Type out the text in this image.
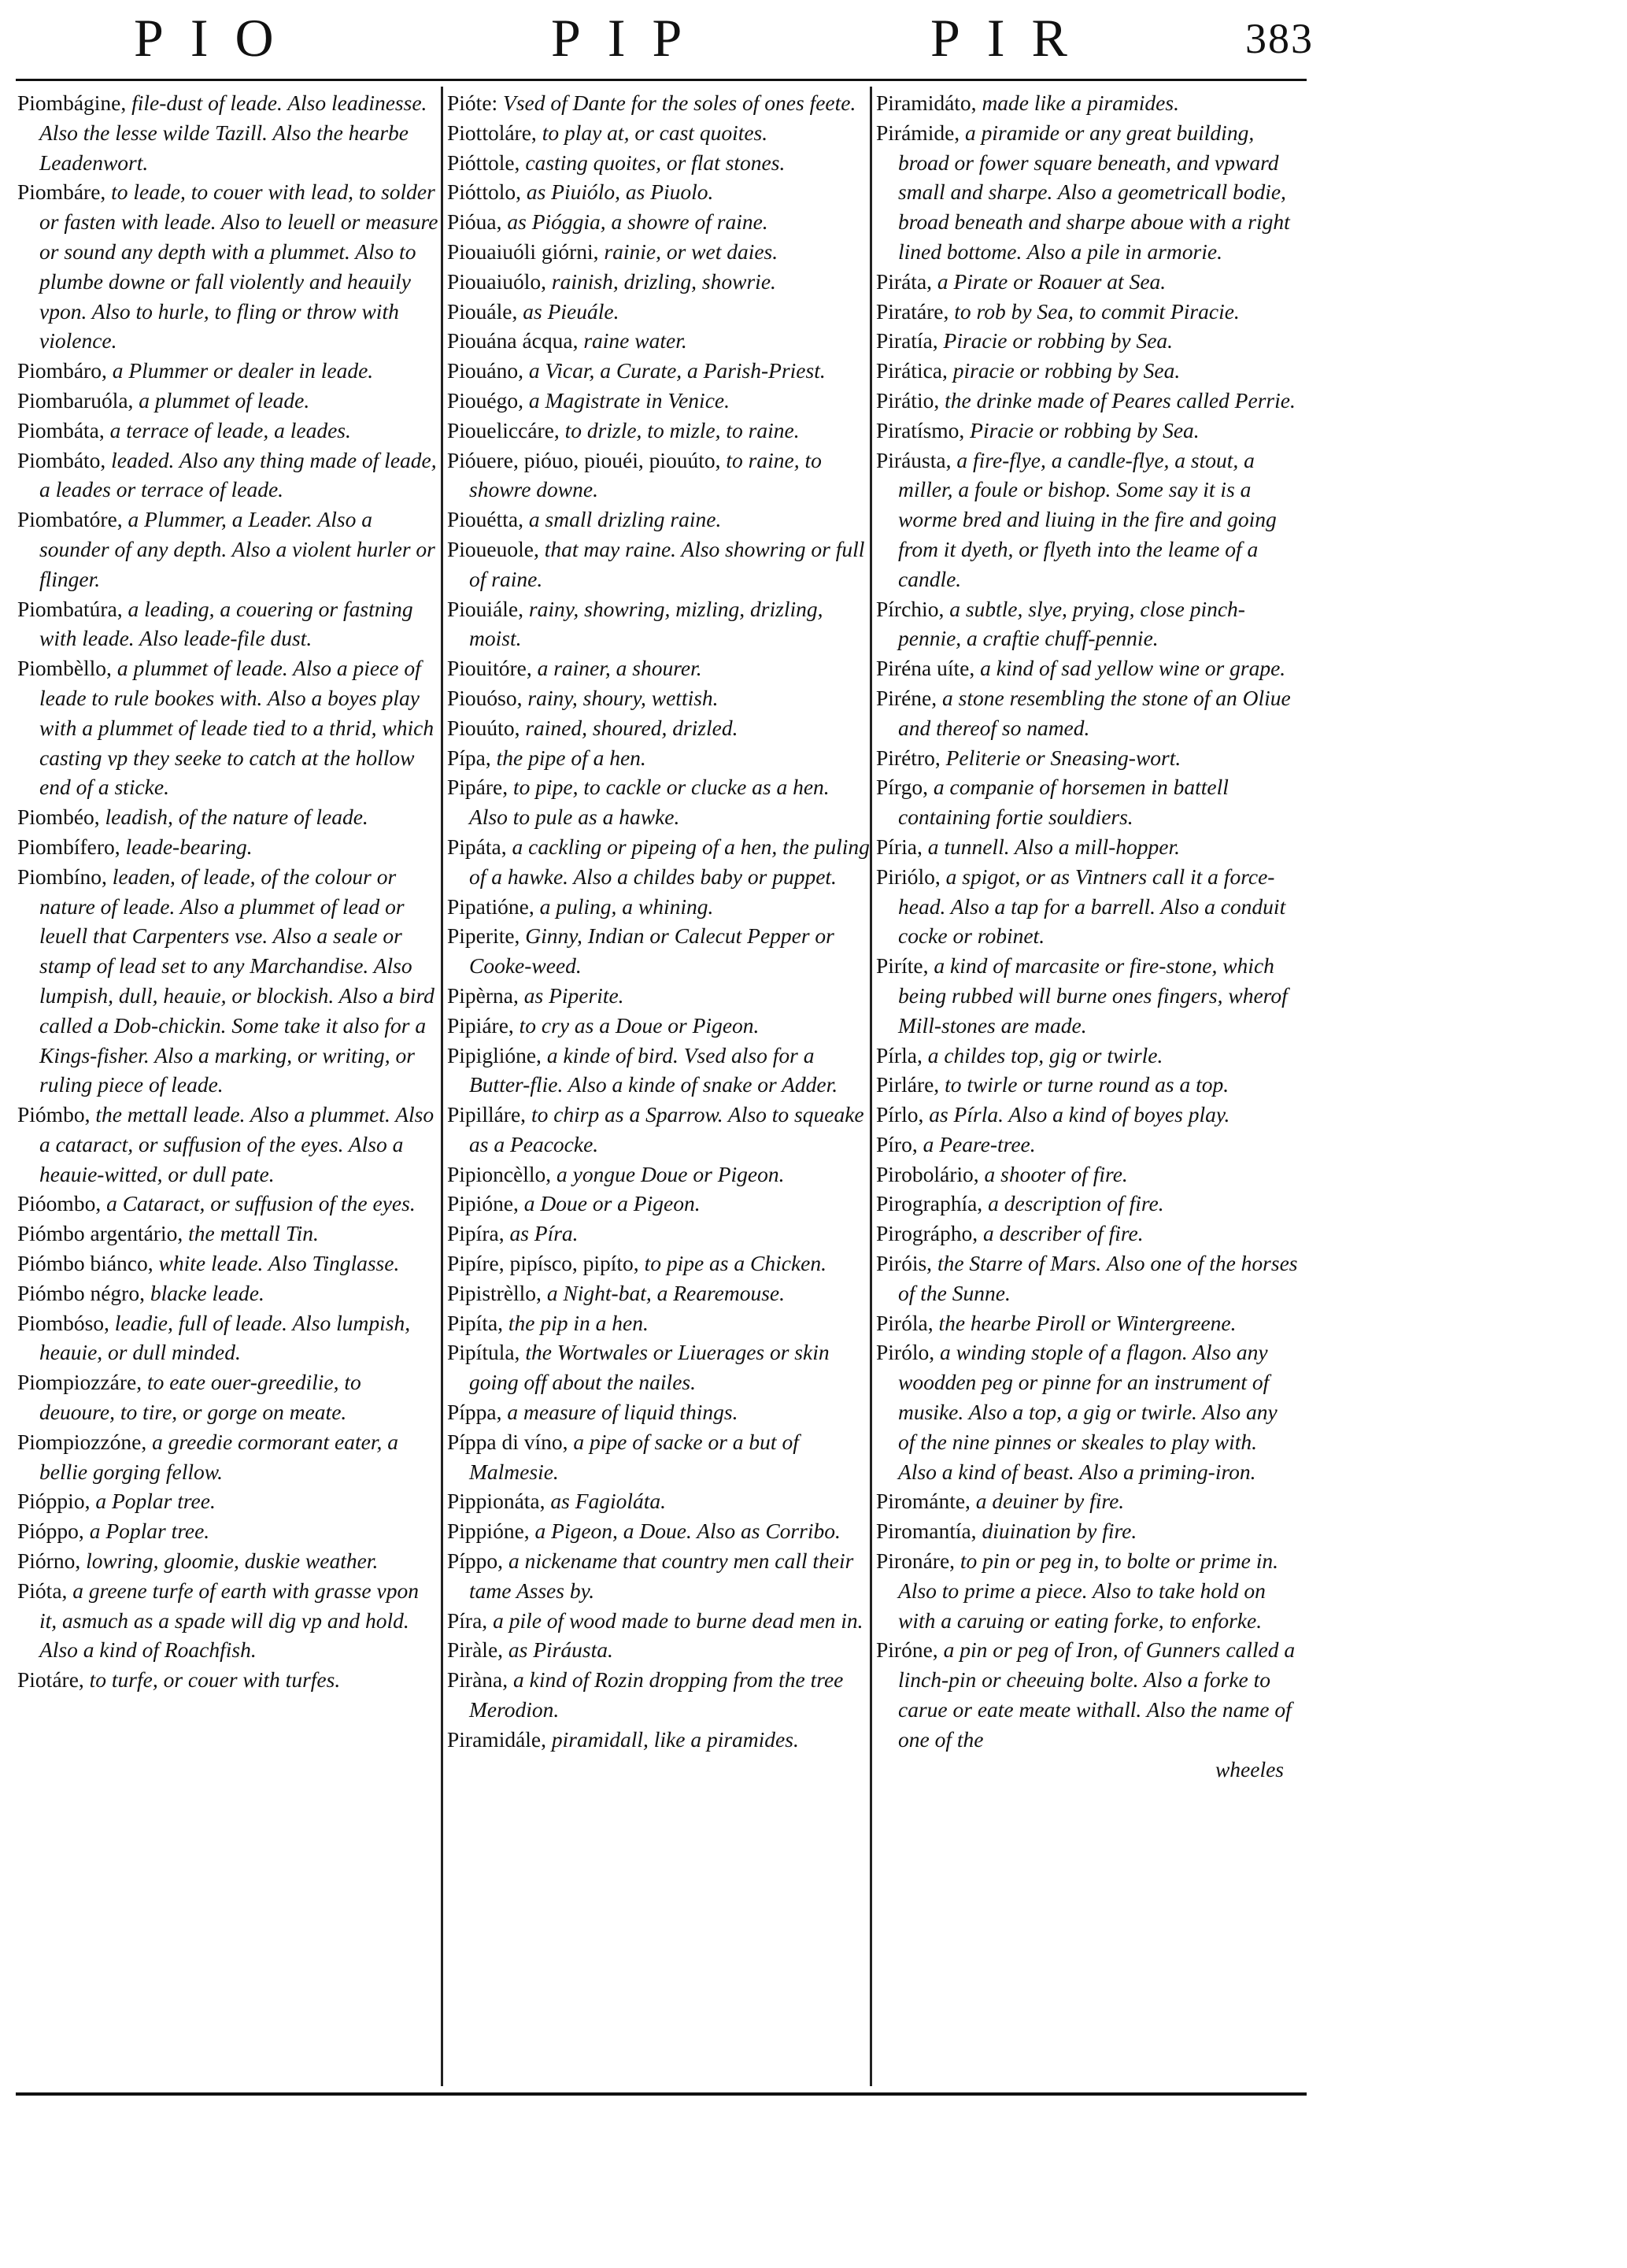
PIO	PIP	PIR	383

Piombágine, file-dust of leade. Also leadinesse. Also the lesse wilde Tazill. Also the hearbe Leadenwort.

Piombáre, to leade, to couer with lead, to solder or fasten with leade. Also to leuell or measure or sound any depth with a plummet. Also to plumbe downe or fall violently and heauily vpon. Also to hurle, to fling or throw with violence.

Piombáro, a Plummer or dealer in leade.

Piombaruóla, a plummet of leade.

Piombáta, a terrace of leade, a leades.

Piombáto, leaded. Also any thing made of leade, a leades or terrace of leade.

Piombatóre, a Plummer, a Leader. Also a sounder of any depth. Also a violent hurler or flinger.

Piombatúra, a leading, a couering or fastning with leade. Also leade-file dust.

Piombèllo, a plummet of leade. Also a piece of leade to rule bookes with. Also a boyes play with a plummet of leade tied to a thrid, which casting vp they seeke to catch at the hollow end of a sticke.

Piombéo, leadish, of the nature of leade.

Piombífero, leade-bearing.

Piombíno, leaden, of leade, of the colour or nature of leade. Also a plummet of lead or leuell that Carpenters vse. Also a seale or stamp of lead set to any Marchandise. Also lumpish, dull, heauie, or blockish. Also a bird called a Dob-chickin. Some take it also for a Kings-fisher. Also a marking, or writing, or ruling piece of leade.

Piómbo, the mettall leade. Also a plummet. Also a cataract, or suffusion of the eyes. Also a heauie-witted, or dull pate.

Pióombo, a Cataract, or suffusion of the eyes.

Piómbo argentário, the mettall Tin.

Piómbo biánco, white leade. Also Tinglasse.

Piómbo négro, blacke leade.

Piombóso, leadie, full of leade. Also lumpish, heauie, or dull minded.

Piompiozzáre, to eate ouer-greedilie, to deuoure, to tire, or gorge on meate.

Piompiozzóne, a greedie cormorant eater, a bellie gorging fellow.

Pióppio, a Poplar tree.

Pióppo, a Poplar tree.

Piórno, lowring, gloomie, duskie weather.

Pióta, a greene turfe of earth with grasse vpon it, asmuch as a spade will dig vp and hold. Also a kind of Roachfish.

Piotáre, to turfe, or couer with turfes.

Pióte: Vsed of Dante for the soles of ones feete.

Piottoláre, to play at, or cast quoites.

Pióttole, casting quoites, or flat stones.

Pióttolo, as Piuiólo, as Piuolo.

Pióua, as Pióggia, a showre of raine.

Piouaiuóli giórni, rainie, or wet daies.

Piouaiuólo, rainish, drizling, showrie.

Piouále, as Pieuále.

Piouána ácqua, raine water.

Piouáno, a Vicar, a Curate, a Parish-Priest.

Piouégo, a Magistrate in Venice.

Pioueliccáre, to drizle, to mizle, to raine.

Pióuere, pióuo, piouéi, piouúto, to raine, to showre downe.

Piouétta, a small drizling raine.

Pioueuole, that may raine. Also showring or full of raine.

Piouiále, rainy, showring, mizling, drizling, moist.

Piouitóre, a rainer, a shourer.

Piouóso, rainy, shoury, wettish.

Piouúto, rained, shoured, drizled.

Pípa, the pipe of a hen.

Pipáre, to pipe, to cackle or clucke as a hen. Also to pule as a hawke.

Pipáta, a cackling or pipeing of a hen, the puling of a hawke. Also a childes baby or puppet.

Pipatióne, a puling, a whining.

Piperite, Ginny, Indian or Calecut Pepper or Cooke-weed.

Pipèrna, as Piperite.

Pipiáre, to cry as a Doue or Pigeon.

Pipiglióne, a kinde of bird. Vsed also for a Butter-flie. Also a kinde of snake or Adder.

Pipilláre, to chirp as a Sparrow. Also to squeake as a Peacocke.

Pipioncèllo, a yongue Doue or Pigeon.

Pipióne, a Doue or a Pigeon.

Pipíra, as Píra.

Pipíre, pipísco, pipíto, to pipe as a Chicken.

Pipistrèllo, a Night-bat, a Rearemouse.

Pipíta, the pip in a hen.

Pipítula, the Wortwales or Liuerages or skin going off about the nailes.

Píppa, a measure of liquid things.

Píppa di víno, a pipe of sacke or a but of Malmesie.

Pippionáta, as Fagioláta.

Pippióne, a Pigeon, a Doue. Also as Corribo.

Píppo, a nickename that country men call their tame Asses by.

Píra, a pile of wood made to burne dead men in.

Piràle, as Piráusta.

Piràna, a kind of Rozin dropping from the tree Merodion.

Piramidále, piramidall, like a piramides.

Piramidáto, made like a piramides.

Pirámide, a piramide or any great building, broad or fower square beneath, and vpward small and sharpe. Also a geometricall bodie, broad beneath and sharpe aboue with a right lined bottome. Also a pile in armorie.

Piráta, a Pirate or Roauer at Sea.

Piratáre, to rob by Sea, to commit Piracie.

Piratía, Piracie or robbing by Sea.

Pirática, piracie or robbing by Sea.

Pirátio, the drinke made of Peares called Perrie.

Piratísmo, Piracie or robbing by Sea.

Piráusta, a fire-flye, a candle-flye, a stout, a miller, a foule or bishop. Some say it is a worme bred and liuing in the fire and going from it dyeth, or flyeth into the leame of a candle.

Pírchio, a subtle, slye, prying, close pinch-pennie, a craftie chuff-pennie.

Piréna uíte, a kind of sad yellow wine or grape.

Piréne, a stone resembling the stone of an Oliue and thereof so named.

Pirétro, Peliterie or Sneasing-wort.

Pírgo, a companie of horsemen in battell containing fortie souldiers.

Píria, a tunnell. Also a mill-hopper.

Piriólo, a spigot, or as Vintners call it a force-head. Also a tap for a barrell. Also a conduit cocke or robinet.

Piríte, a kind of marcasite or fire-stone, which being rubbed will burne ones fingers, wherof Mill-stones are made.

Pírla, a childes top, gig or twirle.

Pirláre, to twirle or turne round as a top.

Pírlo, as Pírla. Also a kind of boyes play.

Píro, a Peare-tree.

Pirobolário, a shooter of fire.

Pirographía, a description of fire.

Pirográpho, a describer of fire.

Piróis, the Starre of Mars. Also one of the horses of the Sunne.

Piróla, the hearbe Piroll or Wintergreene.

Pirólo, a winding stople of a flagon. Also any woodden peg or pinne for an instrument of musike. Also a top, a gig or twirle. Also any of the nine pinnes or skeales to play with. Also a kind of beast. Also a priming-iron.

Pirománte, a deuiner by fire.

Piromantía, diuination by fire.

Pironáre, to pin or peg in, to bolte or prime in. Also to prime a piece. Also to take hold on with a caruing or eating forke, to enforke.

Piróne, a pin or peg of Iron, of Gunners called a linch-pin or cheeuing bolte. Also a forke to carue or eate meate withall. Also the name of one of the

wheeles
